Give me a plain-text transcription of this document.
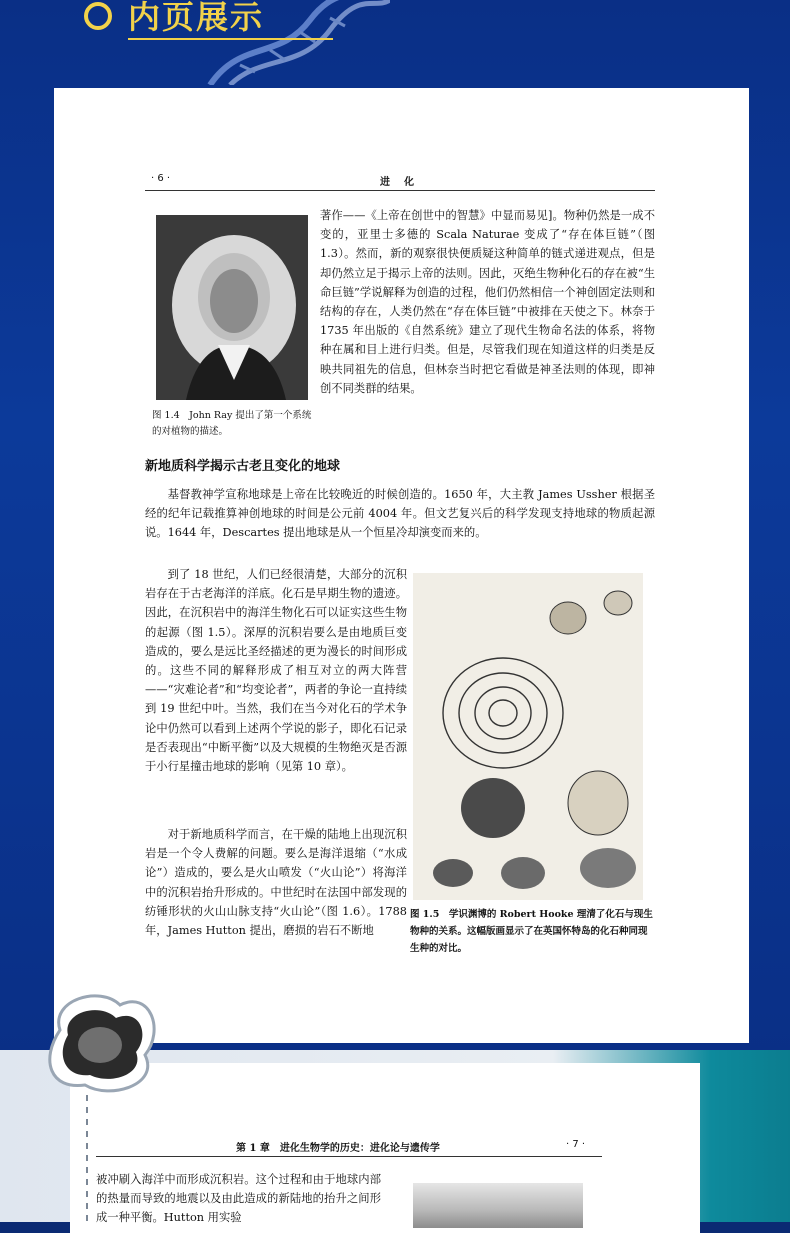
内页展示
· 6 ·	进化
图 1.4　John Ray 提出了第一个系统的对植物的描述。

著作——《上帝在创世中的智慧》中显而易见]。物种仍然是一成不变的，亚里士多德的 Scala Naturae 变成了“存在体巨链”（图 1.3）。然而，新的观察很快便质疑这种简单的链式递进观点，但是却仍然立足于揭示上帝的法则。因此，灭绝生物种化石的存在被“生命巨链”学说解释为创造的过程，他们仍然相信一个神创固定法则和结构的存在，人类仍然在“存在体巨链”中被排在天使之下。林奈于 1735 年出版的《自然系统》建立了现代生物命名法的体系，将物种在属和目上进行归类。但是，尽管我们现在知道这样的归类是反映共同祖先的信息，但林奈当时把它看做是神圣法则的体现，即神创不同类群的结果。

新地质科学揭示古老且变化的地球

基督教神学宣称地球是上帝在比较晚近的时候创造的。1650 年，大主教 James Ussher 根据圣经的纪年记载推算神创地球的时间是公元前 4004 年。但文艺复兴后的科学发现支持地球的物质起源说。1644 年，Descartes 提出地球是从一个恒星冷却演变而来的。

到了 18 世纪，人们已经很清楚，大部分的沉积岩存在于古老海洋的洋底。化石是早期生物的遗迹。因此，在沉积岩中的海洋生物化石可以证实这些生物的起源（图 1.5）。深厚的沉积岩要么是由地质巨变造成的，要么是远比圣经描述的更为漫长的时间形成的。这些不同的解释形成了相互对立的两大阵营——“灾难论者”和“均变论者”，两者的争论一直持续到 19 世纪中叶。当然，我们在当今对化石的学术争论中仍然可以看到上述两个学说的影子，即化石记录是否表现出“中断平衡”以及大规模的生物绝灭是否源于小行星撞击地球的影响（见第 10 章）。

对于新地质科学而言，在干燥的陆地上出现沉积岩是一个令人费解的问题。要么是海洋退缩（“水成论”）造成的，要么是火山喷发（“火山论”）将海洋中的沉积岩抬升形成的。中世纪时在法国中部发现的纺锤形状的火山山脉支持“火山论”（图 1.6）。1788 年，James Hutton 提出，磨损的岩石不断地

图 1.5　学识渊博的 Robert Hooke 理清了化石与现生物种的关系。这幅版画显示了在英国怀特岛的化石种同现生种的对比。
第 1 章　进化生物学的历史：进化论与遗传学	· 7 ·

被冲刷入海洋中而形成沉积岩。这个过程和由于地球内部的热量而导致的地震以及由此造成的新陆地的抬升之间形成一种平衡。Hutton 用实验
